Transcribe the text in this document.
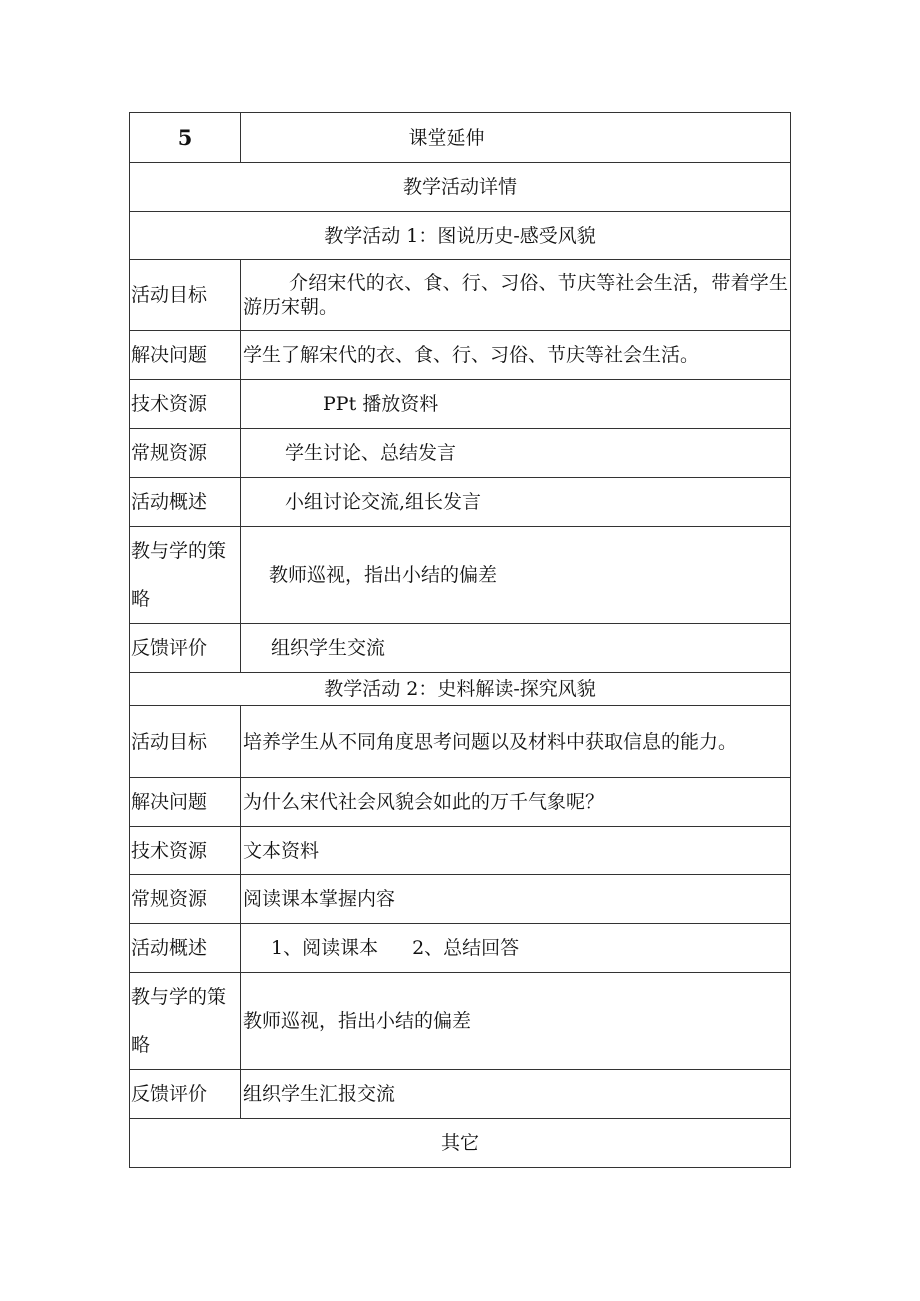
5	课堂延伸
教学活动详情	
教学活动 1：图说历史-感受风貌	
活动目标	介绍宋代的衣、食、行、习俗、节庆等社会生活，带着学生游历宋朝。
解决问题	学生了解宋代的衣、食、行、习俗、节庆等社会生活。
技术资源	PPt 播放资料
常规资源	学生讨论、总结发言
活动概述	小组讨论交流,组长发言
教与学的策略	教师巡视，指出小结的偏差
反馈评价	组织学生交流
教学活动 2：史料解读-探究风貌	
活动目标	培养学生从不同角度思考问题以及材料中获取信息的能力。
解决问题	为什么宋代社会风貌会如此的万千气象呢？
技术资源	文本资料
常规资源	阅读课本掌握内容
活动概述	1、阅读课本 2、总结回答
教与学的策略	教师巡视，指出小结的偏差
反馈评价	组织学生汇报交流
其它	
